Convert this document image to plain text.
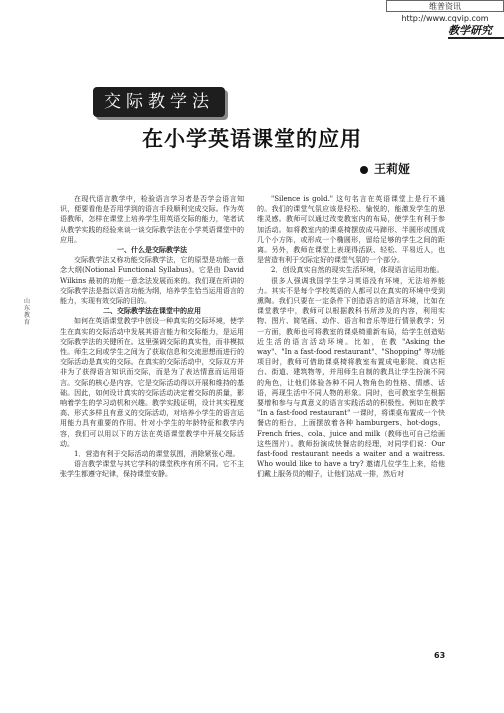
维普资讯 http://www.cqvip.com
教学研究
交际教学法
山东教育
在小学英语课堂的应用
王莉娅

在现代语言教学中，检验语言学习者是否学会语言知识，便要看他是否用学到的语言手段顺利完成交际。作为英语教师，怎样在课堂上培养学生用英语交际的能力，笔者试从教学实践的经验来谈一谈交际教学法在小学英语课堂中的应用。

一、什么是交际教学法

交际教学法又称功能交际教学法，它的原型是功能一意念大纲(Notional Functional Syllabus)。它是由 David Wilkins 最初的功能一意念法发展而来的。我们现在所讲的交际教学法是指以语言功能为纲，培养学生恰当运用语言的能力，实现有效交际的目的。

二、交际教学法在课堂中的应用

如何在英语课堂教学中创设一种真实的交际环境，使学生在真实的交际活动中发展其语言能力和交际能力，是运用交际教学法的关键所在。这里强调交际的真实性，而非模拟性。师生之间或学生之间为了获取信息和交流思想而进行的交际活动是真实的交际。在真实的交际活动中，交际双方并非为了获得语言知识而交际，而是为了表达情意而运用语言。交际的核心是内容，它是交际活动得以开展和维持的基础。因此，如何设计真实的交际活动决定着交际的质量，影响着学生的学习动机和兴趣。教学实践证明，设计其实程度高、形式多样且有意义的交际活动，对培养小学生的语言运用能力具有重要的作用。针对小学生的年龄特征和教学内容，我们可以用以下的方法在英语课堂教学中开展交际活动。

1．营造有利于交际活动的课堂氛围，消除紧张心理。

语言教学课堂与其它学科的课堂秩序有所不同。它不主张学生都遵守纪律，保持课堂安静。

"Silence is gold." 这句名言在英语课堂上是行不通的。我们的课堂气氛应该是轻松、愉悦的，能激发学生的思维灵感。教师可以通过改变教室内的布局，使学生有利于参加活动。如将教室内的课桌椅摆放成马蹄形、半圆形或围成几个小方阵，或形成一个椭圆形，留给足够的学生之间的距离。另外，教师在课堂上表现得活跃、轻松、平易近人，也是营造有利于交际定好的课堂气氛的一个部分。

2．创设真实自然的现实生活环境，体现语言运用功能。

很多人强调我国学生学习英语没有环境，无法培养能力。其实不是每个学校英语的人都可以在真实的环境中受到熏陶。我们只要在一定条件下创造语言的语言环境，比如在课堂教学中，教师可以根据教科书所涉及的内容，利用实物、图片、简笔画、动作、语言和音乐等进行情景教学；另一方面，教师也可将教室的课桌椅重新布局，给学生创造贴近生活的语言活动环境。比如，在教 "Asking the way"、"In a fast-food restaurant"、"Shopping" 等功能项目时，教师可借助课桌椅将教室布置成电影院、商店柜台、街道、建筑物等，并用师生自制的教具让学生扮演不同的角色，让他们体验各种不同人物角色的性格、情感、话语，再现生活中不同人物的形象。同时，也可教室学生根据要增和参与与真意义的语言实践活动的积极性。例如在教学 "In a fast-food restaurant" 一课时，将课桌布置成一个快餐店的柜台，上面摆放着各种 hamburgers、hot-dogs、French fries、cola、juice and milk（教师也可自己绘画这些图片）。教师扮演成快餐店的经理，对同学们说：Our fast-food restaurant needs a waiter and a waitress. Who would like to have a try? 邀请几位学生上来，给他们戴上服务员的帽子，让他们站成一排，然后对

63
